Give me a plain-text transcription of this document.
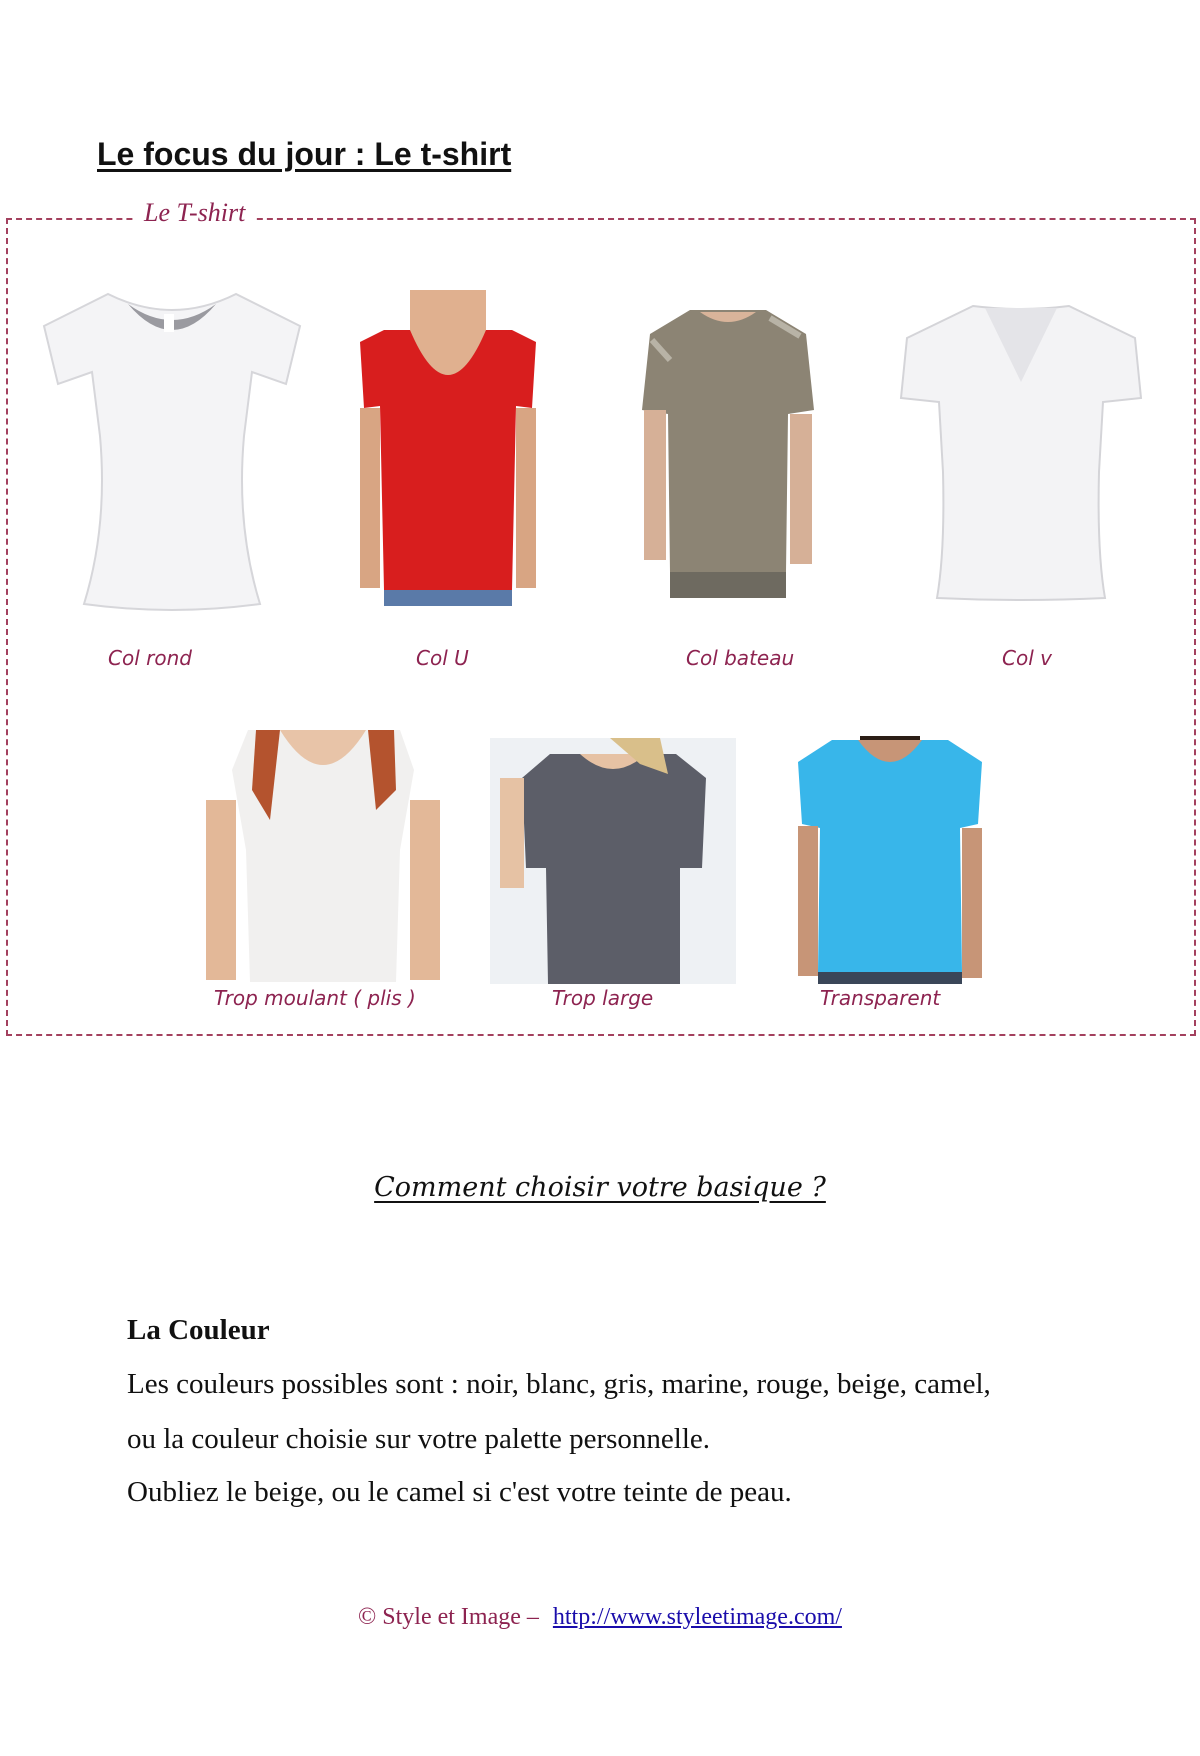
Le focus du jour : Le t-shirt
Le T-shirt
Col rond	Col U	Col bateau	Col v
Trop moulant ( plis )	Trop large	Transparent
Comment choisir votre basique ?
La Couleur
Les couleurs possibles sont : noir, blanc, gris, marine, rouge, beige, camel,
ou la couleur choisie sur votre palette personnelle.
Oubliez le beige, ou le camel si c'est votre teinte de peau.
© Style et Image – http://www.styleetimage.com/
